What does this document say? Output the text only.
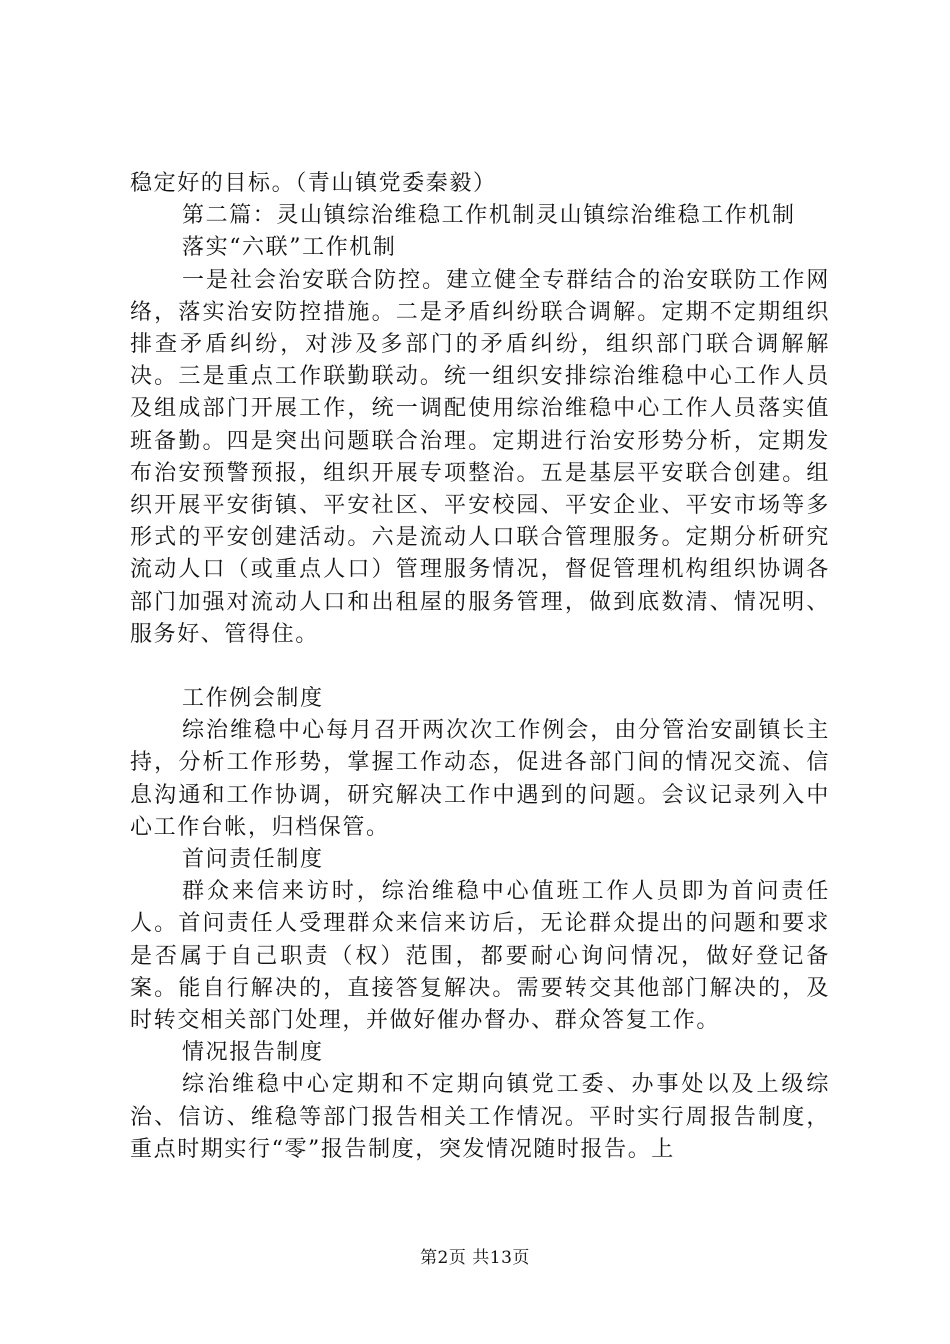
稳定好的目标。（青山镇党委秦毅）

第二篇：灵山镇综治维稳工作机制灵山镇综治维稳工作机制

落实“六联”工作机制

一是社会治安联合防控。建立健全专群结合的治安联防工作网络，落实治安防控措施。二是矛盾纠纷联合调解。定期不定期组织排查矛盾纠纷，对涉及多部门的矛盾纠纷，组织部门联合调解解决。三是重点工作联勤联动。统一组织安排综治维稳中心工作人员及组成部门开展工作，统一调配使用综治维稳中心工作人员落实值班备勤。四是突出问题联合治理。定期进行治安形势分析，定期发布治安预警预报，组织开展专项整治。五是基层平安联合创建。组织开展平安街镇、平安社区、平安校园、平安企业、平安市场等多形式的平安创建活动。六是流动人口联合管理服务。定期分析研究流动人口（或重点人口）管理服务情况，督促管理机构组织协调各部门加强对流动人口和出租屋的服务管理，做到底数清、情况明、服务好、管得住。

工作例会制度

综治维稳中心每月召开两次次工作例会，由分管治安副镇长主持，分析工作形势，掌握工作动态，促进各部门间的情况交流、信息沟通和工作协调，研究解决工作中遇到的问题。会议记录列入中心工作台帐，归档保管。

首问责任制度

群众来信来访时，综治维稳中心值班工作人员即为首问责任人。首问责任人受理群众来信来访后，无论群众提出的问题和要求是否属于自己职责（权）范围，都要耐心询问情况，做好登记备案。能自行解决的，直接答复解决。需要转交其他部门解决的，及时转交相关部门处理，并做好催办督办、群众答复工作。

情况报告制度

综治维稳中心定期和不定期向镇党工委、办事处以及上级综治、信访、维稳等部门报告相关工作情况。平时实行周报告制度，重点时期实行“零”报告制度，突发情况随时报告。上

第2页 共13页
